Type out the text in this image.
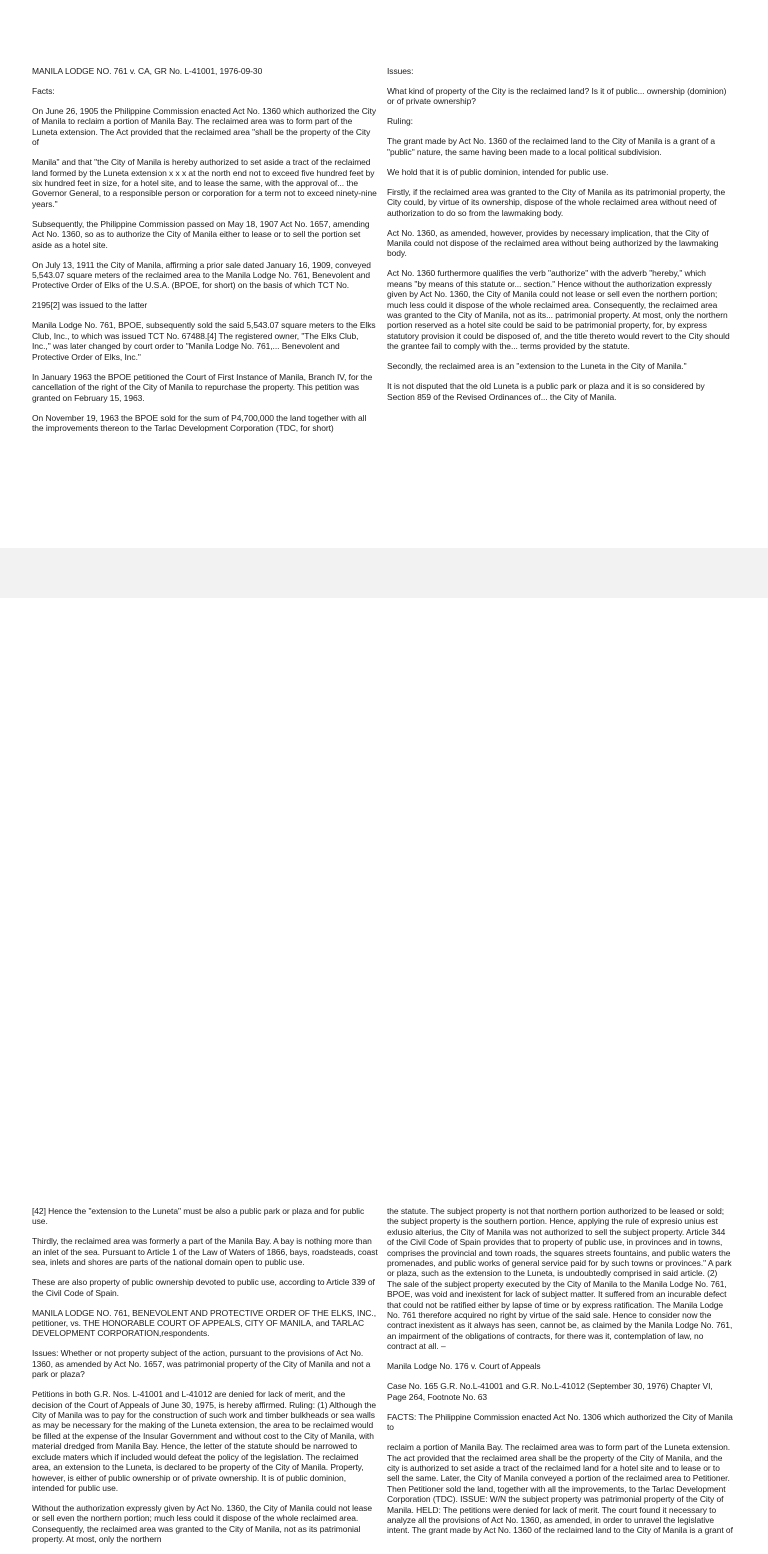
MANILA LODGE NO. 761 v. CA, GR No. L-41001, 1976-09-30

Facts:

On June 26, 1905 the Philippine Commission enacted Act No. 1360 which authorized the City of Manila to reclaim a portion of Manila Bay. The reclaimed area was to form part of the Luneta extension. The Act provided that the reclaimed area "shall be the property of the City of

Manila" and that "the City of Manila is hereby authorized to set aside a tract of the reclaimed land formed by the Luneta extension x x x at the north end not to exceed five hundred feet by six hundred feet in size, for a hotel site, and to lease the same, with the approval of... the Governor General, to a responsible person or corporation for a term not to exceed ninety-nine years."

Subsequently, the Philippine Commission passed on May 18, 1907 Act No. 1657, amending Act No. 1360, so as to authorize the City of Manila either to lease or to sell the portion set aside as a hotel site.

On July 13, 1911 the City of Manila, affirming a prior sale dated January 16, 1909, conveyed 5,543.07 square meters of the reclaimed area to the Manila Lodge No. 761, Benevolent and Protective Order of Elks of the U.S.A. (BPOE, for short) on the basis of which TCT No.

2195[2] was issued to the latter

Manila Lodge No. 761, BPOE, subsequently sold the said 5,543.07 square meters to the Elks Club, Inc., to which was issued TCT No. 67488.[4] The registered owner, "The Elks Club, Inc.," was later changed by court order to "Manila Lodge No. 761,... Benevolent and Protective Order of Elks, Inc."

In January 1963 the BPOE petitioned the Court of First Instance of Manila, Branch IV, for the cancellation of the right of the City of Manila to repurchase the property. This petition was granted on February 15, 1963.

On November 19, 1963 the BPOE sold for the sum of P4,700,000 the land together with all the improvements thereon to the Tarlac Development Corporation (TDC, for short)

Issues:

What kind of property of the City is the reclaimed land? Is it of public... ownership (dominion) or of private ownership?

Ruling:

The grant made by Act No. 1360 of the reclaimed land to the City of Manila is a grant of a "public" nature, the same having been made to a local political subdivision.

We hold that it is of public dominion, intended for public use.

Firstly, if the reclaimed area was granted to the City of Manila as its patrimonial property, the City could, by virtue of its ownership, dispose of the whole reclaimed area without need of authorization to do so from the lawmaking body.

Act No. 1360, as amended, however, provides by necessary implication, that the City of Manila could not dispose of the reclaimed area without being authorized by the lawmaking body.

Act No. 1360 furthermore qualifies the verb "authorize" with the adverb "hereby," which means "by means of this statute or... section." Hence without the authorization expressly given by Act No. 1360, the City of Manila could not lease or sell even the northern portion; much less could it dispose of the whole reclaimed area. Consequently, the reclaimed area was granted to the City of Manila, not as its... patrimonial property. At most, only the northern portion reserved as a hotel site could be said to be patrimonial property, for, by express statutory provision it could be disposed of, and the title thereto would revert to the City should the grantee fail to comply with the... terms provided by the statute.

Secondly, the reclaimed area is an "extension to the Luneta in the City of Manila."

It is not disputed that the old Luneta is a public park or plaza and it is so considered by Section 859 of the Revised Ordinances of... the City of Manila.

[42] Hence the "extension to the Luneta" must be also a public park or plaza and for public use.

Thirdly, the reclaimed area was formerly a part of the Manila Bay. A bay is nothing more than an inlet of the sea. Pursuant to Article 1 of the Law of Waters of 1866, bays, roadsteads, coast sea, inlets and shores are parts of the national domain open to public use.

These are also property of public ownership devoted to public use, according to Article 339 of the Civil Code of Spain.

MANILA LODGE NO. 761, BENEVOLENT AND PROTECTIVE ORDER OF THE ELKS, INC., petitioner, vs. THE HONORABLE COURT OF APPEALS, CITY OF MANILA, and TARLAC DEVELOPMENT CORPORATION,respondents.

Issues: Whether or not property subject of the action, pursuant to the provisions of Act No. 1360, as amended by Act No. 1657, was patrimonial property of the City of Manila and not a park or plaza?

Petitions in both G.R. Nos. L-41001 and L-41012 are denied for lack of merit, and the decision of the Court of Appeals of June 30, 1975, is hereby affirmed. Ruling: (1) Although the City of Manila was to pay for the construction of such work and timber bulkheads or sea walls as may be necessary for the making of the Luneta extension, the area to be reclaimed would be filled at the expense of the Insular Government and without cost to the City of Manila, with material dredged from Manila Bay. Hence, the letter of the statute should be narrowed to exclude maters which if included would defeat the policy of the legislation. The reclaimed area, an extension to the Luneta, is declared to be property of the City of Manila. Property, however, is either of public ownership or of private ownership. It is of public dominion, intended for public use.

Without the authorization expressly given by Act No. 1360, the City of Manila could not lease or sell even the northern portion; much less could it dispose of the whole reclaimed area. Consequently, the reclaimed area was granted to the City of Manila, not as its patrimonial property. At most, only the northern

the statute. The subject property is not that northern portion authorized to be leased or sold; the subject property is the southern portion. Hence, applying the rule of expresio unius est exlusio alterius, the City of Manila was not authorized to sell the subject property. Article 344 of the Civil Code of Spain provides that to property of public use, in provinces and in towns, comprises the provincial and town roads, the squares streets fountains, and public waters the promenades, and public works of general service paid for by such towns or provinces." A park or plaza, such as the extension to the Luneta, is undoubtedly comprised in said article. (2) The sale of the subject property executed by the City of Manila to the Manila Lodge No. 761, BPOE, was void and inexistent for lack of subject matter. It suffered from an incurable defect that could not be ratified either by lapse of time or by express ratification. The Manila Lodge No. 761 therefore acquired no right by virtue of the said sale. Hence to consider now the contract inexistent as it always has seen, cannot be, as claimed by the Manila Lodge No. 761, an impairment of the obligations of contracts, for there was it, contemplation of law, no contract at all. –

Manila Lodge No. 176 v. Court of Appeals

Case No. 165 G.R. No.L-41001 and G.R. No.L-41012 (September 30, 1976) Chapter VI, Page 264, Footnote No. 63

FACTS: The Philippine Commission enacted Act No. 1306 which authorized the City of Manila to

reclaim a portion of Manila Bay. The reclaimed area was to form part of the Luneta extension. The act provided that the reclaimed area shall be the property of the City of Manila, and the city is authorized to set aside a tract of the reclaimed land for a hotel site and to lease or to sell the same. Later, the City of Manila conveyed a portion of the reclaimed area to Petitioner. Then Petitioner sold the land, together with all the improvements, to the Tarlac Development Corporation (TDC). ISSUE: W/N the subject property was patrimonial property of the City of Manila. HELD: The petitions were denied for lack of merit. The court found it necessary to analyze all the provisions of Act No. 1360, as amended, in order to unravel the legislative intent. The grant made by Act No. 1360 of the reclaimed land to the City of Manila is a grant of
